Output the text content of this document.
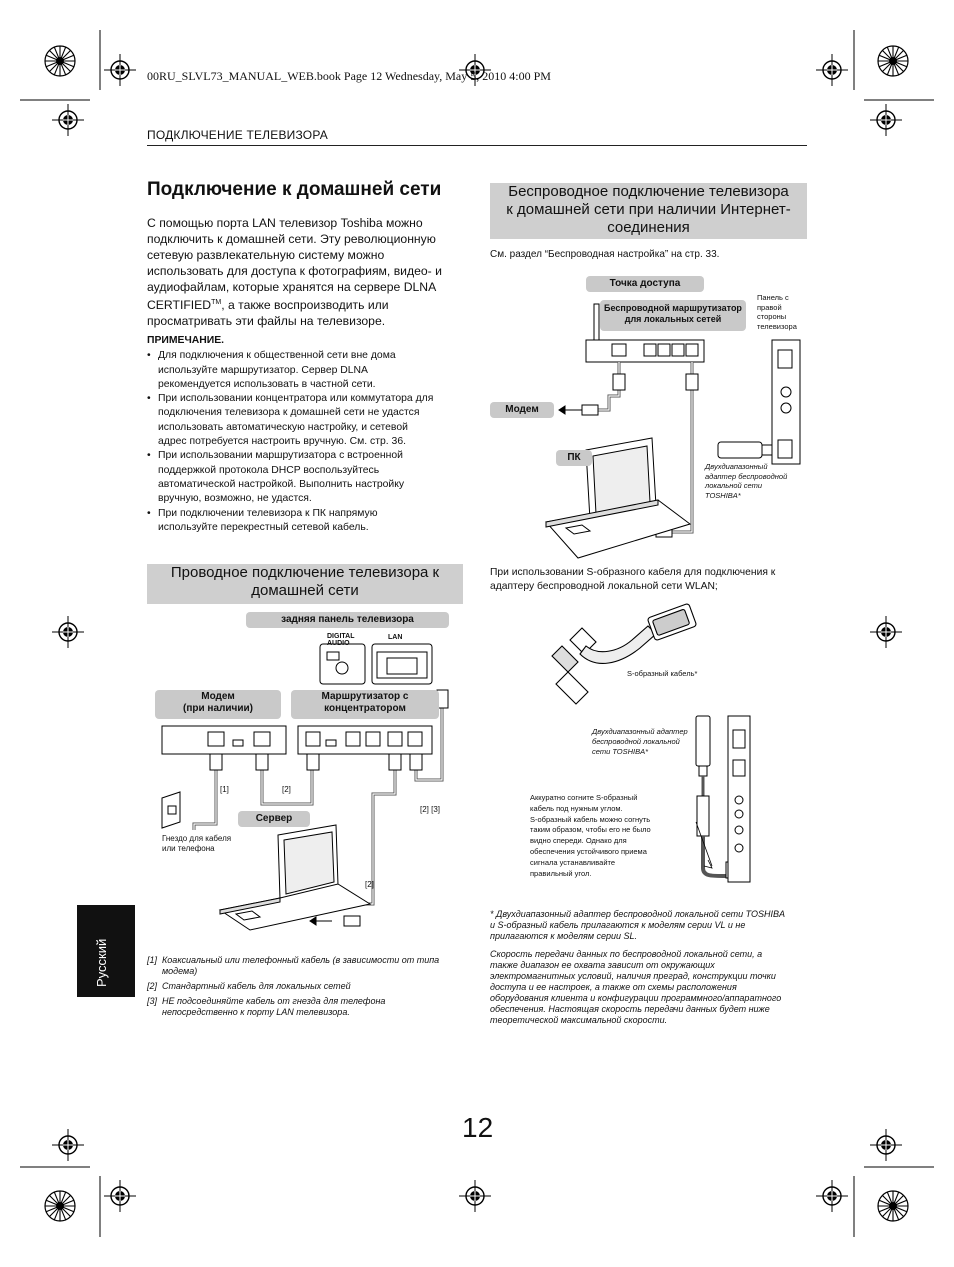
00RU_SLVL73_MANUAL_WEB.book Page 12 Wednesday, May 5, 2010 4:00 PM
ПОДКЛЮЧЕНИЕ ТЕЛЕВИЗОРА
Подключение к домашней сети
С помощью порта LAN телевизор Toshiba можно
подключить к домашней сети. Эту революционную
сетевую развлекательную систему можно
использовать для доступа к фотографиям, видео- и
аудиофайлам, которые хранятся на сервере DLNA
CERTIFIED™, а также воспроизводить или
просматривать эти файлы на телевизоре.
ПРИМЕЧАНИЕ.
• Для подключения к общественной сети вне дома
используйте маршрутизатор. Сервер DLNA
рекомендуется использовать в частной сети.
• При использовании концентратора или коммутатора для
подключения телевизора к домашней сети не удастся
использовать автоматическую настройку, и сетевой
адрес потребуется настроить вручную. См. стр. 36.
• При использовании маршрутизатора с встроенной
поддержкой протокола DHCP воспользуйтесь
автоматической настройкой. Выполнить настройку
вручную, возможно, не удастся.
• При подключении телевизора к ПК напрямую
используйте перекрестный сетевой кабель.
Проводное подключение телевизора к
домашней сети
задняя панель телевизора
DIGITAL
AUDIO
LAN
Модем
(при наличии)
Маршрутизатор с
концентратором
Сервер
[1]	[2]
[2] [3]
[2]
Гнездо для кабеля
или телефона
[1] Коаксиальный или телефонный кабель (в зависимости от типа
модема)
[2] Стандартный кабель для локальных сетей
[3] НЕ подсоединяйте кабель от гнезда для телефона
непосредственно к порту LAN телевизора.
Русский
Беспроводное подключение телевизора
к домашней сети при наличии Интернет-
соединения
См. раздел “Беспроводная настройка” на стр. 33.
Точка доступа
Беспроводной маршрутизатор
для локальных сетей
Панель с
правой
стороны
телевизора
Модем
ПК
Двухдиапазонный
адаптер беспроводной
локальной сети
TOSHIBA*
При использовании S-образного кабеля для подключения к
адаптеру беспроводной локальной сети WLAN;
S-образный кабель*
Двухдиапазонный адаптер
беспроводной локальной
сети TOSHIBA*
Аккуратно согните S-образный
кабель под нужным углом.
S-образный кабель можно согнуть
таким образом, чтобы его не было
видно спереди. Однако для
обеспечения устойчивого приема
сигнала устанавливайте
правильный угол.
* Двухдиапазонный адаптер беспроводной локальной сети TOSHIBA
и S-образный кабель прилагаются к моделям серии VL и не
прилагаются к моделям серии SL.
Скорость передачи данных по беспроводной локальной сети, а
также диапазон ее охвата зависит от окружающих
электромагнитных условий, наличия преград, конструкции точки
доступа и ее настроек, а также от схемы расположения
оборудования клиента и конфигурации программного/аппаратного
обеспечения. Настоящая скорость передачи данных будет ниже
теоретической максимальной скорости.
12
